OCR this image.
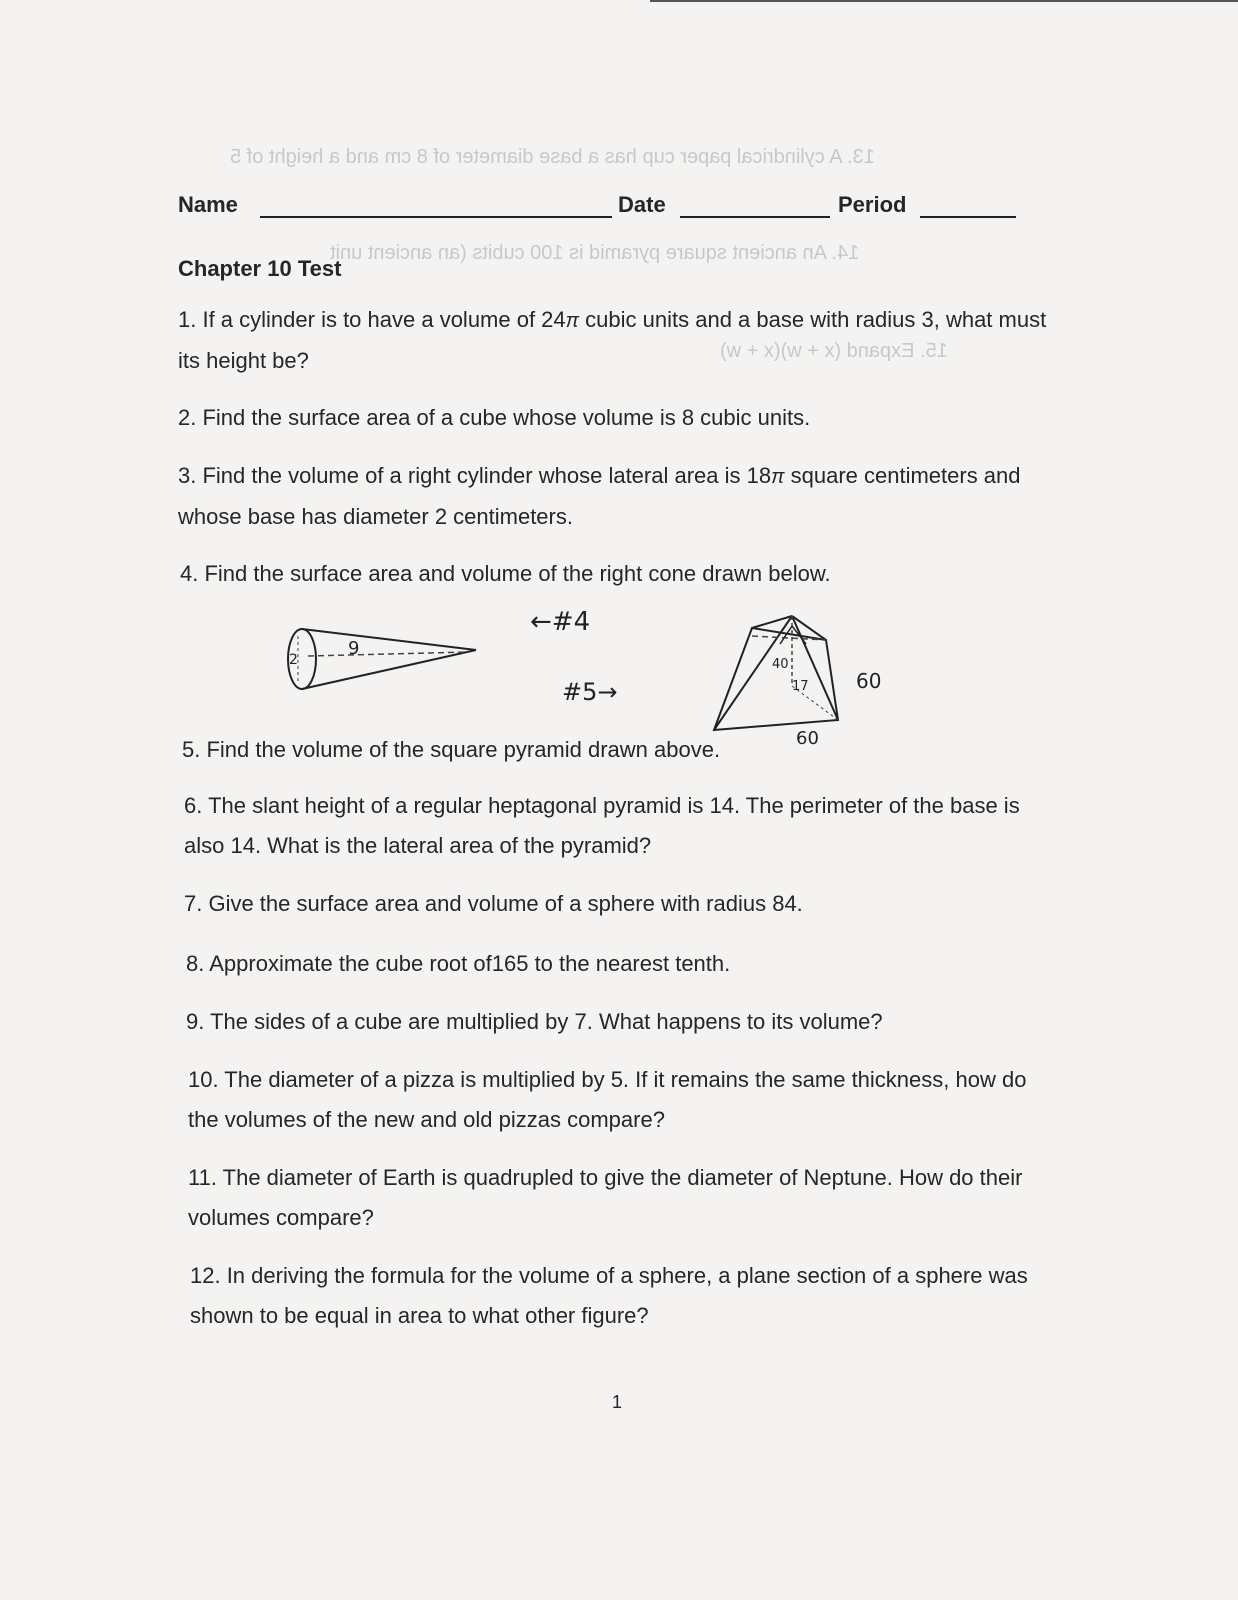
13. A cylindrical paper cup has a base diameter of 8 cm and a height of 5
14. An ancient square pyramid is 100 cubits (an ancient unit
15. Expand (x + w)(x + w)
Name	Date	Period
Chapter 10 Test
1. If a cylinder is to have a volume of 24π cubic units and a base with radius 3, what must its height be?
2. Find the surface area of a cube whose volume is 8 cubic units.
3. Find the volume of a right cylinder whose lateral area is 18π square centimeters and whose base has diameter 2 centimeters.
4. Find the surface area and volume of the right cone drawn below.
2
9
←#4
#5→
40
17 60
60
5. Find the volume of the square pyramid drawn above.
6. The slant height of a regular heptagonal pyramid is 14. The perimeter of the base is also 14. What is the lateral area of the pyramid?
7. Give the surface area and volume of a sphere with radius 84.
8. Approximate the cube root of165 to the nearest tenth.
9. The sides of a cube are multiplied by 7. What happens to its volume?
10. The diameter of a pizza is multiplied by 5. If it remains the same thickness, how do the volumes of the new and old pizzas compare?
11. The diameter of Earth is quadrupled to give the diameter of Neptune. How do their volumes compare?
12. In deriving the formula for the volume of a sphere, a plane section of a sphere was shown to be equal in area to what other figure?
1
